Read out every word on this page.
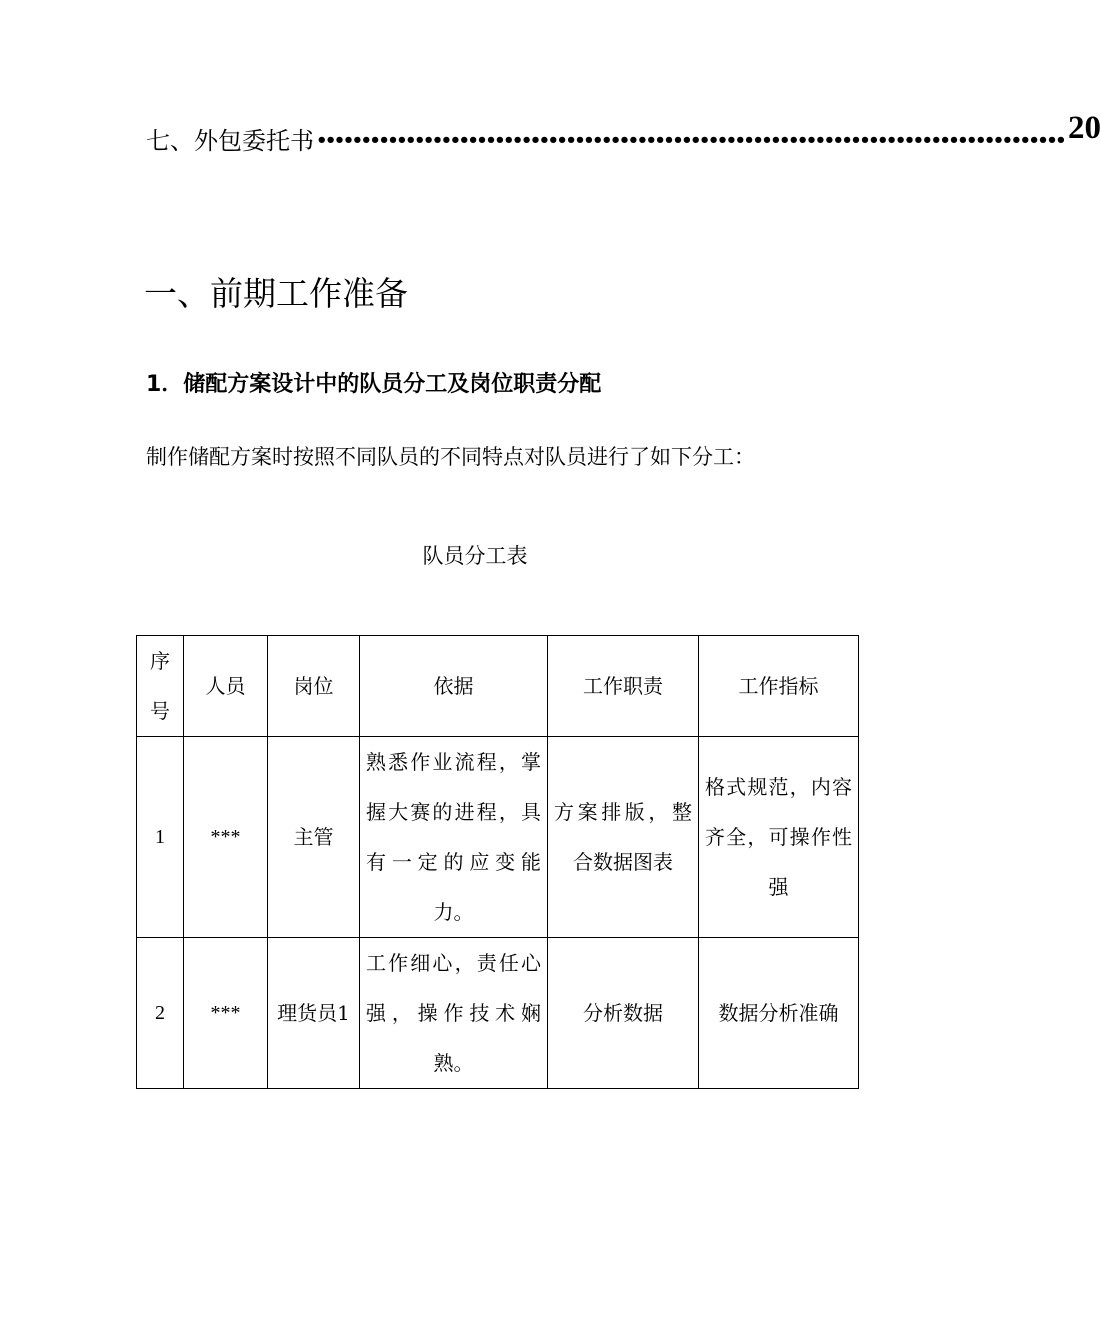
七、外包委托书 •••••••••••••••••••••••••••••••••••••••••••••••••••••••••••••••••••••••••••••••••••• 20
一、前期工作准备
1．储配方案设计中的队员分工及岗位职责分配
制作储配方案时按照不同队员的不同特点对队员进行了如下分工：
队员分工表
序号	人员	岗位	依据	工作职责	工作指标
1	***	主管	熟悉作业流程，掌握大赛的进程，具有一定的应变能力。	方案排版，整合数据图表	格式规范，内容齐全，可操作性强
2	***	理货员1	工作细心，责任心强，操作技术娴熟。	分析数据	数据分析准确
